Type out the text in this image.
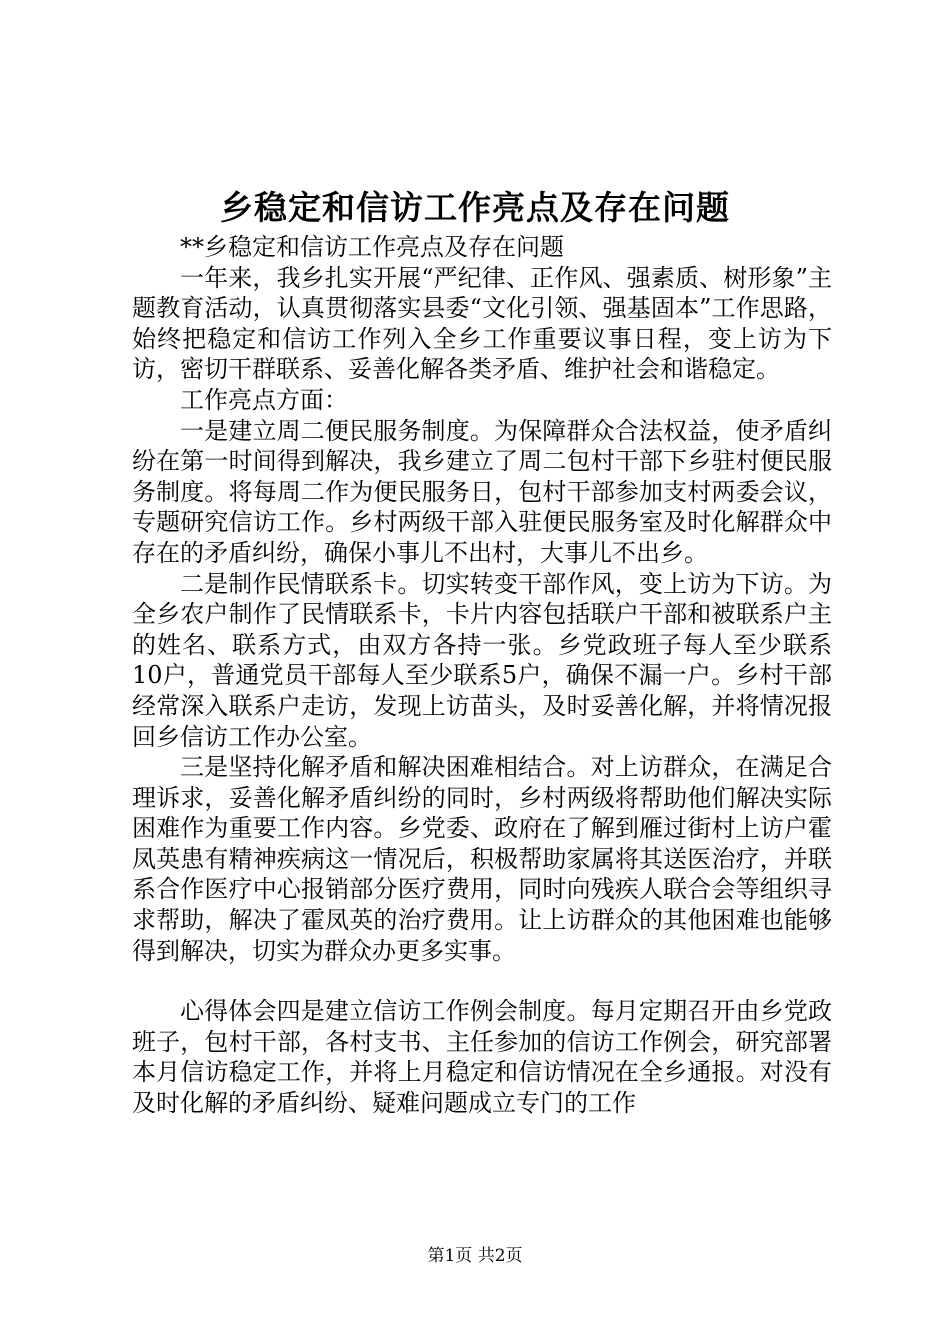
乡稳定和信访工作亮点及存在问题

**乡稳定和信访工作亮点及存在问题

一年来，我乡扎实开展“严纪律、正作风、强素质、树形象”主题教育活动，认真贯彻落实县委“文化引领、强基固本”工作思路，始终把稳定和信访工作列入全乡工作重要议事日程，变上访为下访，密切干群联系、妥善化解各类矛盾、维护社会和谐稳定。

工作亮点方面：

一是建立周二便民服务制度。为保障群众合法权益，使矛盾纠纷在第一时间得到解决，我乡建立了周二包村干部下乡驻村便民服务制度。将每周二作为便民服务日，包村干部参加支村两委会议，专题研究信访工作。乡村两级干部入驻便民服务室及时化解群众中存在的矛盾纠纷，确保小事儿不出村，大事儿不出乡。

二是制作民情联系卡。切实转变干部作风，变上访为下访。为全乡农户制作了民情联系卡，卡片内容包括联户干部和被联系户主的姓名、联系方式，由双方各持一张。乡党政班子每人至少联系10户，普通党员干部每人至少联系5户，确保不漏一户。乡村干部经常深入联系户走访，发现上访苗头，及时妥善化解，并将情况报回乡信访工作办公室。

三是坚持化解矛盾和解决困难相结合。对上访群众，在满足合理诉求，妥善化解矛盾纠纷的同时，乡村两级将帮助他们解决实际困难作为重要工作内容。乡党委、政府在了解到雁过街村上访户霍凤英患有精神疾病这一情况后，积极帮助家属将其送医治疗，并联系合作医疗中心报销部分医疗费用，同时向残疾人联合会等组织寻求帮助，解决了霍凤英的治疗费用。让上访群众的其他困难也能够得到解决，切实为群众办更多实事。

心得体会四是建立信访工作例会制度。每月定期召开由乡党政班子，包村干部，各村支书、主任参加的信访工作例会，研究部署本月信访稳定工作，并将上月稳定和信访情况在全乡通报。对没有及时化解的矛盾纠纷、疑难问题成立专门的工作

第1页 共2页
